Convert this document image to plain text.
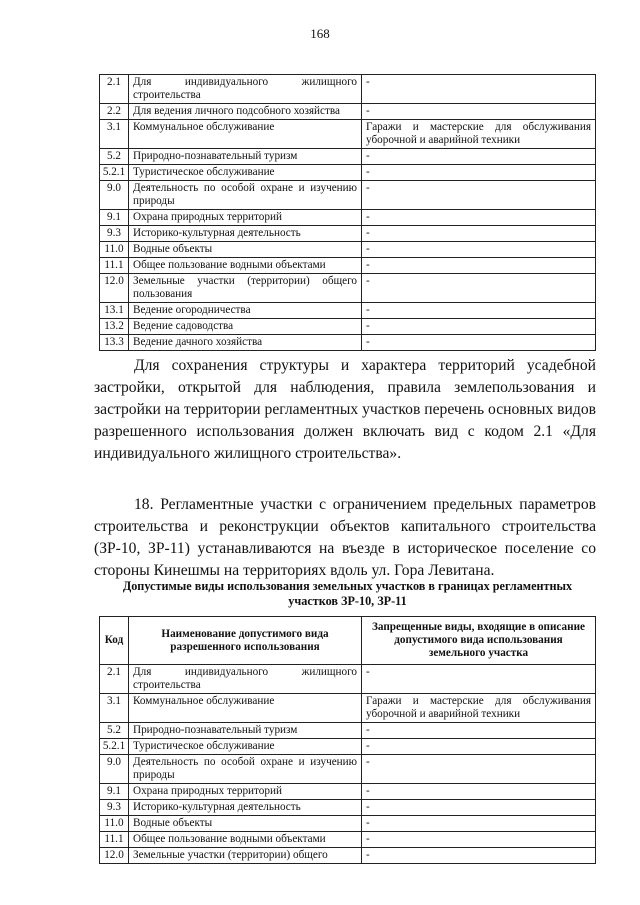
168
2.1	Для индивидуального жилищного строительства	-
2.2	Для ведения личного подсобного хозяйства	-
3.1	Коммунальное обслуживание	Гаражи и мастерские для обслуживания уборочной и аварийной техники
5.2	Природно-познавательный туризм	-
5.2.1	Туристическое обслуживание	-
9.0	Деятельность по особой охране и изучению природы	-
9.1	Охрана природных территорий	-
9.3	Историко-культурная деятельность	-
11.0	Водные объекты	-
11.1	Общее пользование водными объектами	-
12.0	Земельные участки (территории) общего пользования	-
13.1	Ведение огородничества	-
13.2	Ведение садоводства	-
13.3	Ведение дачного хозяйства	-

Для сохранения структуры и характера территорий усадебной застройки, открытой для наблюдения, правила землепользования и застройки на территории регламентных участков перечень основных видов разрешенного использования должен включать вид с кодом 2.1 «Для индивидуального жилищного строительства».

18. Регламентные участки с ограничением предельных параметров строительства и реконструкции объектов капитального строительства (ЗР-10, ЗР-11) устанавливаются на въезде в историческое поселение со стороны Кинешмы на территориях вдоль ул. Гора Левитана.

Допустимые виды использования земельных участков в границах регламентных участков ЗР-10, ЗР-11
Код	Наименование допустимого вида разрешенного использования	Запрещенные виды, входящие в описание допустимого вида использования земельного участка
2.1	Для индивидуального жилищного строительства	-
3.1	Коммунальное обслуживание	Гаражи и мастерские для обслуживания уборочной и аварийной техники
5.2	Природно-познавательный туризм	-
5.2.1	Туристическое обслуживание	-
9.0	Деятельность по особой охране и изучению природы	-
9.1	Охрана природных территорий	-
9.3	Историко-культурная деятельность	-
11.0	Водные объекты	-
11.1	Общее пользование водными объектами	-
12.0	Земельные участки (территории) общего	-
